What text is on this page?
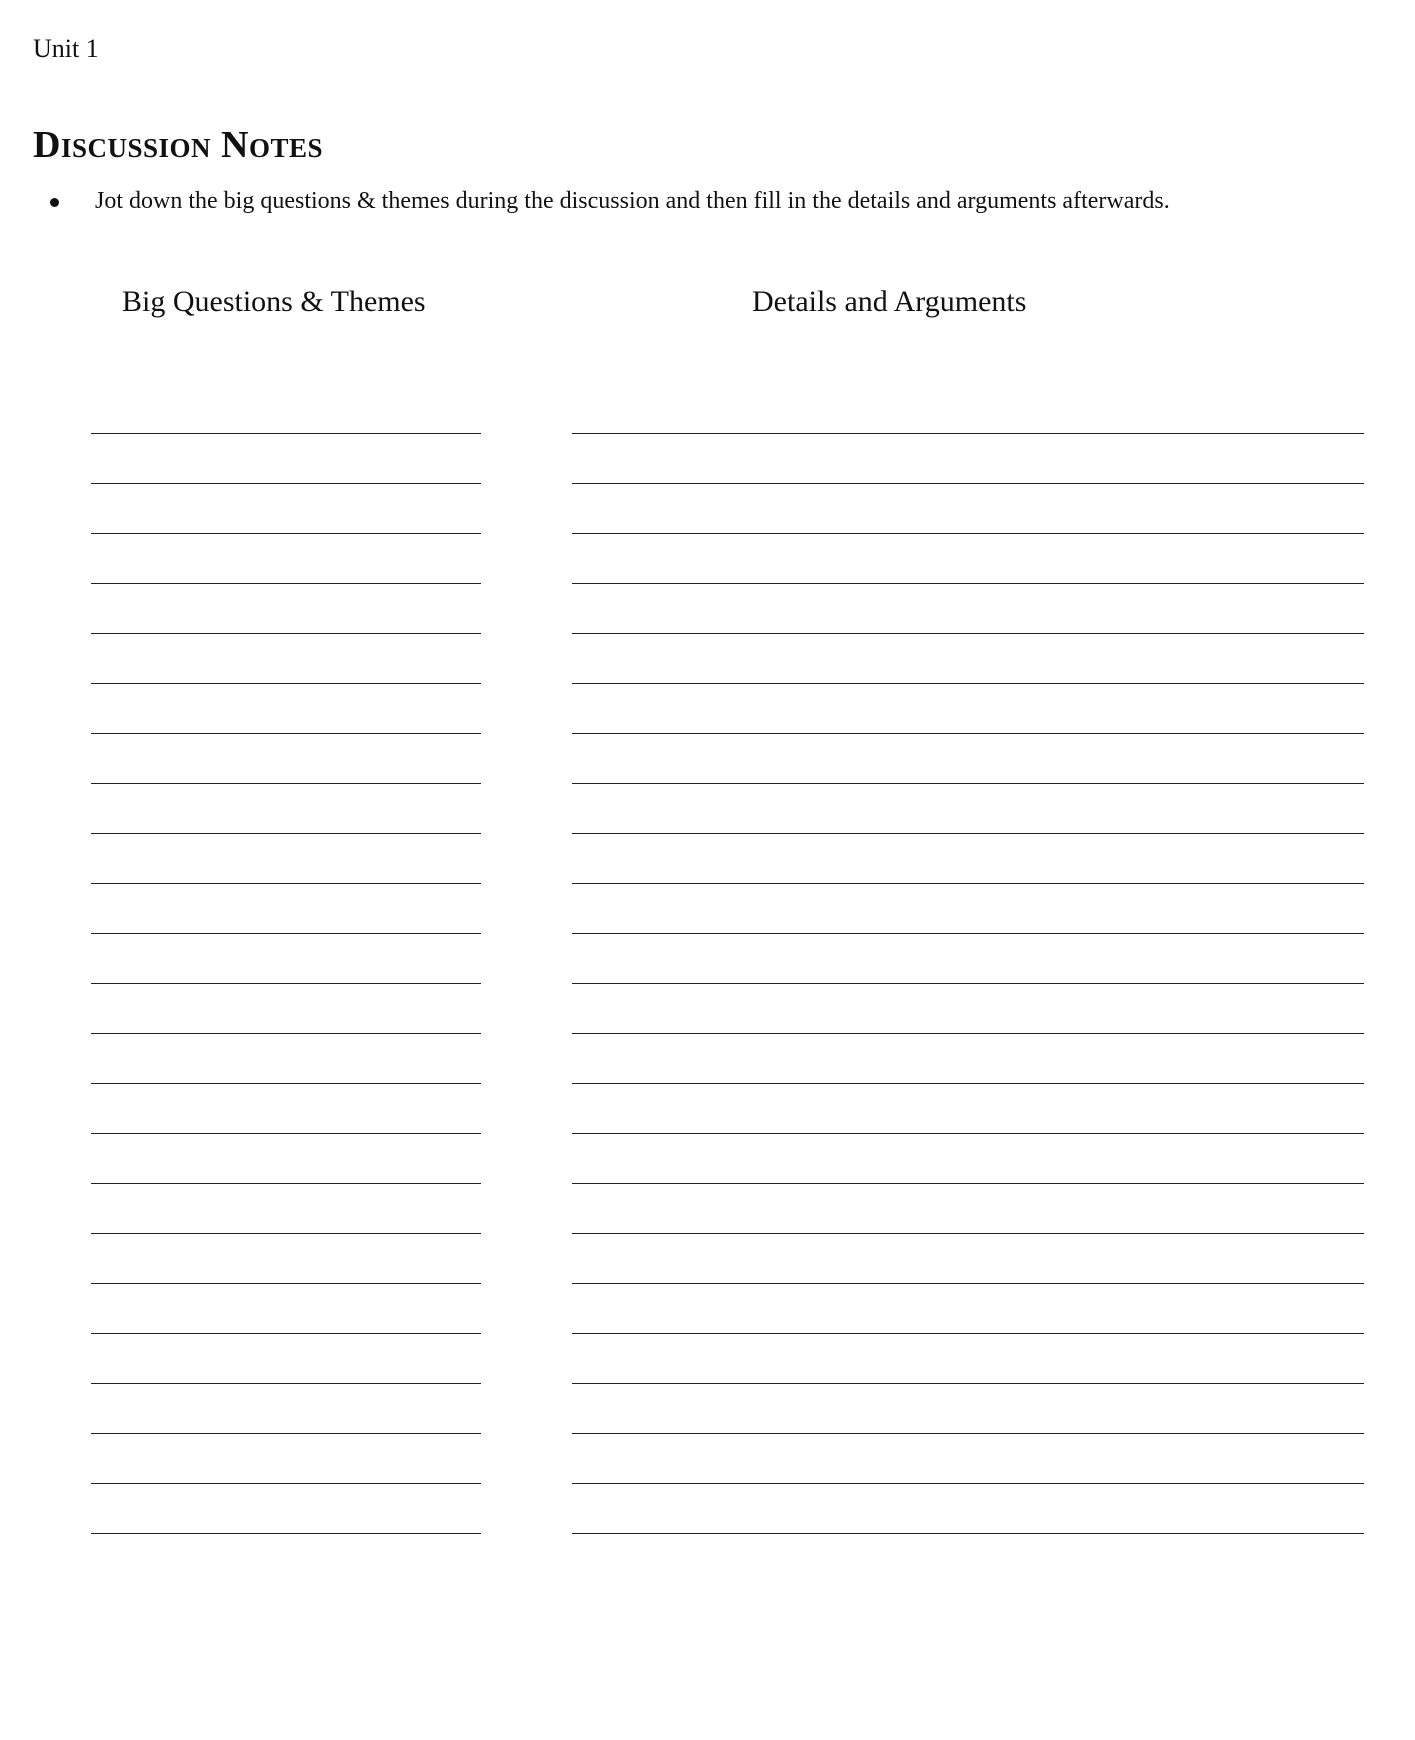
Unit 1
Discussion Notes
Jot down the big questions & themes during the discussion and then fill in the details and arguments afterwards.
Big Questions & Themes	Details and Arguments
